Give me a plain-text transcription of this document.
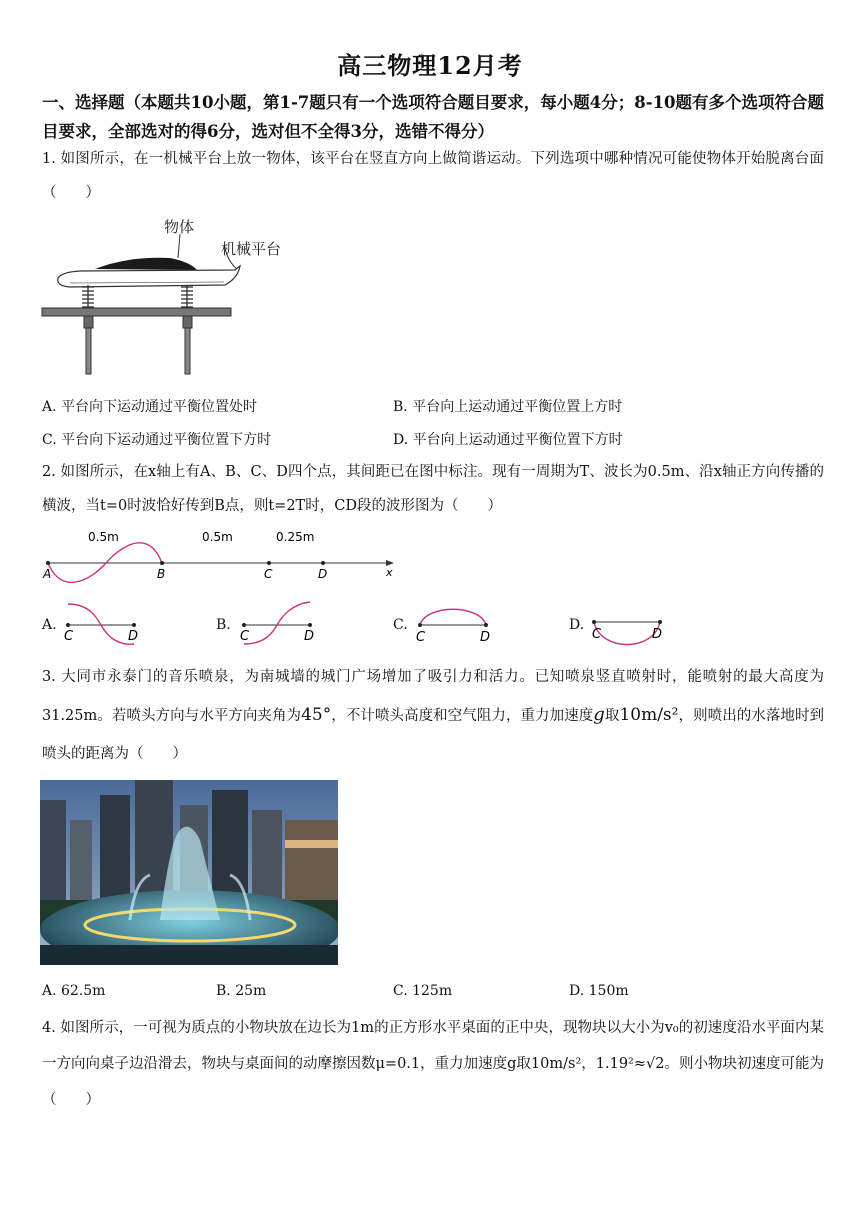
高三物理12月考
一、选择题（本题共10小题，第1-7题只有一个选项符合题目要求，每小题4分；8-10题有多个选项符合题目要求，全部选对的得6分，选对但不全得3分，选错不得分）
1. 如图所示，在一机械平台上放一物体，该平台在竖直方向上做简谐运动。下列选项中哪种情况可能使物体开始脱离台面（　　）
物体
机械平台
A. 平台向下运动通过平衡位置处时	B. 平台向上运动通过平衡位置上方时
C. 平台向下运动通过平衡位置下方时	D. 平台向上运动通过平衡位置下方时
2. 如图所示，在x轴上有A、B、C、D四个点，其间距已在图中标注。现有一周期为T、波长为0.5m、沿x轴正方向传播的横波，当t=0时波恰好传到B点，则t=2T时，CD段的波形图为（　　）
0.5m	0.5m	0.25m
A	B	C	D	x
A.
C	D
B.
C	D
C.
C	D
D.
C	D
3. 大同市永泰门的音乐喷泉，为南城墙的城门广场增加了吸引力和活力。已知喷泉竖直喷射时，能喷射的最大高度为31.25m。若喷头方向与水平方向夹角为45°，不计喷头高度和空气阻力，重力加速度g取10m/s²，则喷出的水落地时到喷头的距离为（　　）
A. 62.5m	B. 25m	C. 125m	D. 150m
4. 如图所示，一可视为质点的小物块放在边长为1m的正方形水平桌面的正中央，现物块以大小为v₀的初速度沿水平面内某一方向向桌子边沿滑去，物块与桌面间的动摩擦因数μ=0.1，重力加速度g取10m/s²，1.19²≈√2。则小物块初速度可能为（　　）
